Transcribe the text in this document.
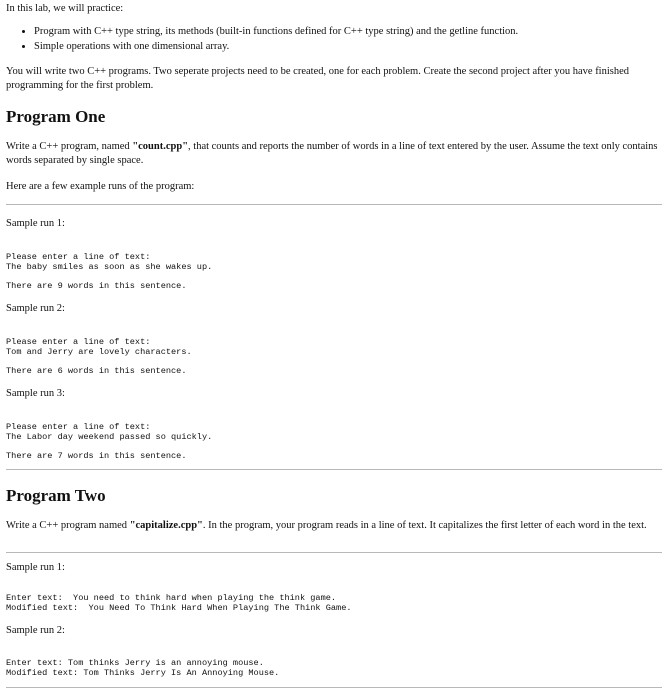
In this lab, we will practice:

• Program with C++ type string, its methods (built-in functions defined for C++ type string) and the getline function.
• Simple operations with one dimensional array.

You will write two C++ programs. Two seperate projects need to be created, one for each problem. Create the second project after you have finished programming for the first problem.

Program One

Write a C++ program, named "count.cpp", that counts and reports the number of words in a line of text entered by the user. Assume the text only contains words separated by single space.

Here are a few example runs of the program:

Sample run 1:

Please enter a line of text:
The baby smiles as soon as she wakes up.
There are 9 words in this sentence.

Sample run 2:

Please enter a line of text:
Tom and Jerry are lovely characters.
There are 6 words in this sentence.

Sample run 3:

Please enter a line of text:
The Labor day weekend passed so quickly.
There are 7 words in this sentence.
Program Two

Write a C++ program named "capitalize.cpp". In the program, your program reads in a line of text. It capitalizes the first letter of each word in the text.

Sample run 1:

Enter text:  You need to think hard when playing the think game.
Modified text:  You Need To Think Hard When Playing The Think Game.

Sample run 2:

Enter text: Tom thinks Jerry is an annoying mouse.
Modified text: Tom Thinks Jerry Is An Annoying Mouse.
